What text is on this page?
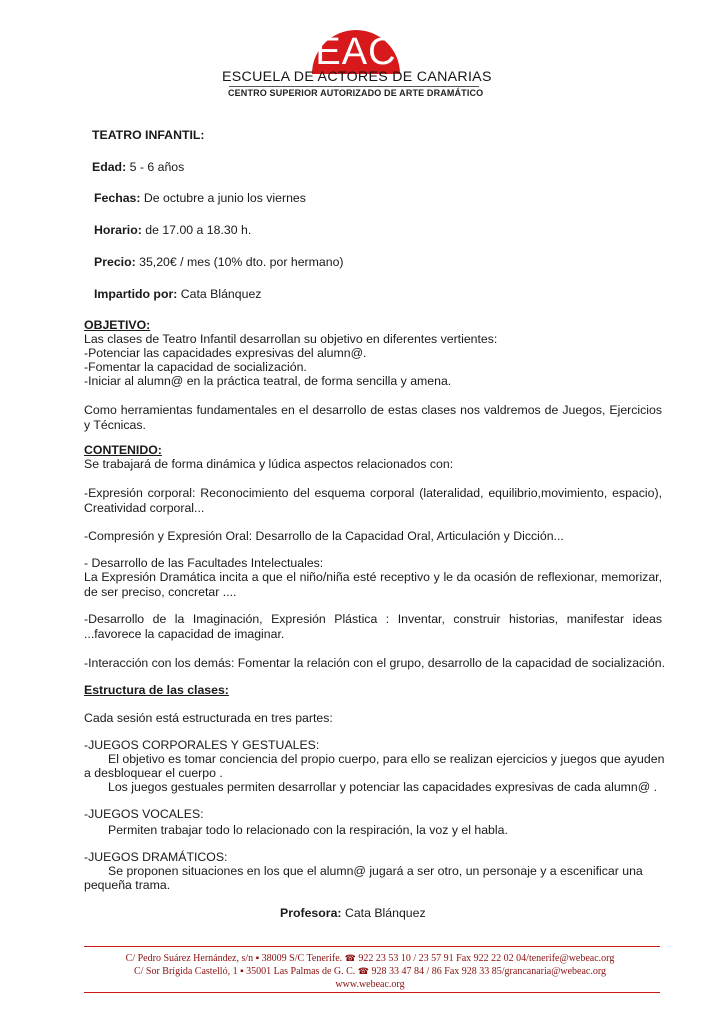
EAC
ESCUELA DE ACTORES DE CANARIAS
CENTRO SUPERIOR AUTORIZADO DE ARTE DRAMÁTICO
TEATRO INFANTIL:
Edad: 5 - 6 años
Fechas: De octubre a junio los viernes
Horario: de 17.00 a 18.30 h.
Precio: 35,20€ / mes (10% dto. por hermano)
Impartido por: Cata Blánquez
OBJETIVO:
Las clases de Teatro Infantil desarrollan su objetivo en diferentes vertientes:
-Potenciar las capacidades expresivas del alumn@.
-Fomentar la capacidad de socialización.
-Iniciar al alumn@ en la práctica teatral, de forma sencilla y amena.
Como herramientas fundamentales en el desarrollo de estas clases nos valdremos de Juegos, Ejercicios y Técnicas.
CONTENIDO:
Se trabajará de forma dinámica y lúdica aspectos relacionados con:
-Expresión corporal: Reconocimiento del esquema corporal (lateralidad, equilibrio,movimiento, espacio), Creatividad corporal...
-Compresión y Expresión Oral: Desarrollo de la Capacidad Oral, Articulación y Dicción...
- Desarrollo de las Facultades Intelectuales:
La Expresión Dramática incita a que el niño/niña esté receptivo y le da ocasión de reflexionar, memorizar, de ser preciso, concretar ....
-Desarrollo de la Imaginación, Expresión Plástica : Inventar, construir historias, manifestar ideas ...favorece la capacidad de imaginar.
-Interacción con los demás: Fomentar la relación con el grupo, desarrollo de la capacidad de socialización.
Estructura de las clases:
Cada sesión está estructurada en tres partes:
-JUEGOS CORPORALES Y GESTUALES:
El objetivo es tomar conciencia del propio cuerpo, para ello se realizan ejercicios y juegos que ayuden
a desbloquear el cuerpo .
Los juegos gestuales permiten desarrollar y potenciar las capacidades expresivas de cada alumn@ .
-JUEGOS VOCALES:
Permiten trabajar todo lo relacionado con la respiración, la voz y el habla.
-JUEGOS DRAMÁTICOS:
Se proponen situaciones en los que el alumn@ jugará a ser otro, un personaje y a escenificar una
pequeña trama.
Profesora: Cata Blánquez
C/ Pedro Suárez Hernández, s/n ▪ 38009 S/C Tenerife. ☎ 922 23 53 10 / 23 57 91 Fax 922 22 02 04/tenerife@webeac.org
C/ Sor Brígida Castelló, 1 ▪ 35001 Las Palmas de G. C. ☎ 928 33 47 84 / 86 Fax 928 33 85/grancanaria@webeac.org
www.webeac.org
